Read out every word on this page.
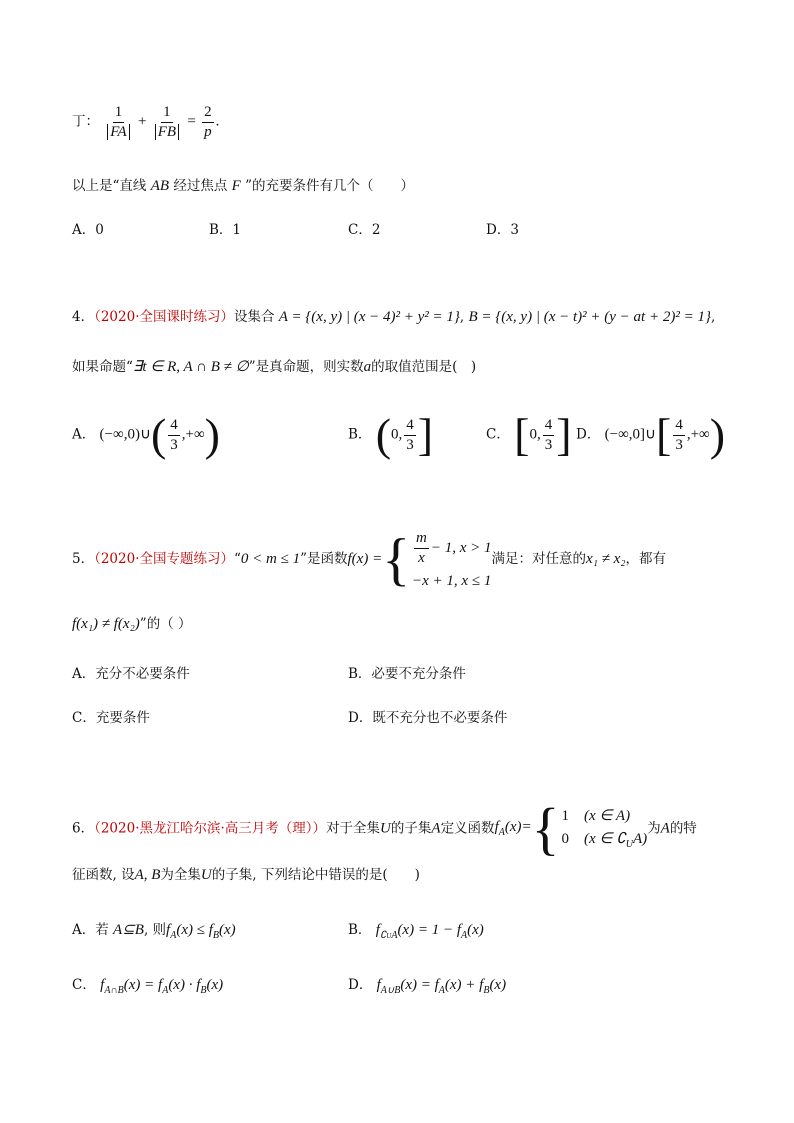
丁： $\frac{1}{FA} + \frac{1}{FB} = \frac{2}{p}$ .
以上是“直线 AB 经过焦点 F ”的充要条件有几个（　　）
A．0	B．1	C．2	D．3
4．（2020·全国课时练习）设集合 A = {(x, y) | (x − 4)² + y² = 1}, B = {(x, y) | (x − t)² + (y − at + 2)² = 1},
如果命题“∃t ∈ R, A ∩ B ≠ ∅”是真命题，则实数a的取值范围是(　)
A． (−∞,0)∪( $\frac{4}{3}$ ,+∞)	B． (0, $\frac{4}{3}$ ]	C． [0, $\frac{4}{3}$ ] D． (−∞,0]∪[ $\frac{4}{3}$ ,+∞)
5．（2020·全国专题练习）“0 < m ≤ 1”是函数f(x) ={ $\frac{m}{x} - 1$, x > 1
−x + 1, x ≤ 1
满足：对任意的x₁ ≠ x₂，都有
f(x₁) ≠ f(x₂)”的（ ）
A．充分不必要条件	B．必要不充分条件
C．充要条件	D．既不充分也不必要条件
6．（2020·黑龙江哈尔滨·高三月考（理））对于全集U的子集A定义函数$f_A(x)=${ 1 (x ∈ A)
0 (x ∈ $∁_UA$)
为A的特
征函数, 设A, B为全集U的子集, 下列结论中错误的是(　　)
A．若 A⊆B, 则$f_A(x) \le f_B(x)$	B． $f_{∁UA}(x) = 1 - f_A(x)$
C． $f_{A\cap B}(x) = f_A(x) \cdot f_B(x)$	D． $f_{A\cup B}(x) = f_A(x) + f_B(x)$
